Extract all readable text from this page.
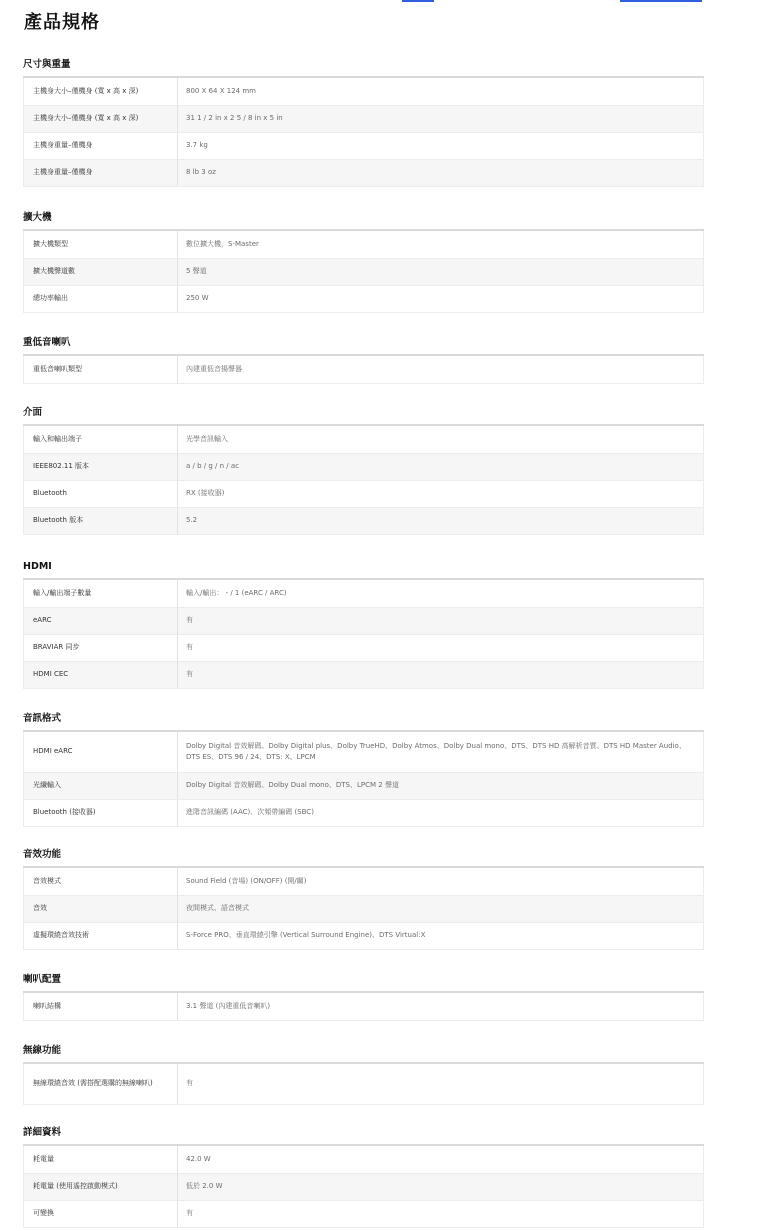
產品規格
尺寸與重量
主機身大小–僅機身 (寬 x 高 x 深)	800 X 64 X 124 mm
主機身大小–僅機身 (寬 x 高 x 深)	31 1 / 2 in x 2 5 / 8 in x 5 in
主機身重量–僅機身	3.7 kg
主機身重量–僅機身	8 lb 3 oz
擴大機
擴大機類型	數位擴大機，S-Master
擴大機聲道數	5 聲道
總功率輸出	250 W
重低音喇叭
重低音喇叭類型	內建重低音揚聲器
介面
輸入和輸出端子	光學音訊輸入
IEEE802.11 版本	a / b / g / n / ac
Bluetooth	RX (接收器)
Bluetooth 版本	5.2
HDMI
輸入/輸出端子數量	輸入/輸出： - / 1 (eARC / ARC)
eARC	有
BRAVIAR 同步	有
HDMI CEC	有
音訊格式
HDMI eARC	Dolby Digital 音效解碼、Dolby Digital plus、Dolby TrueHD、Dolby Atmos、Dolby Dual mono、DTS、DTS HD 高解析音質、DTS HD Master Audio、DTS ES、DTS 96 / 24、DTS: X、LPCM
光纖輸入	Dolby Digital 音效解碼、Dolby Dual mono、DTS、LPCM 2 聲道
Bluetooth (接收器)	進階音訊編碼 (AAC)、次頻帶編碼 (SBC)
音效功能
音效模式	Sound Field (音場) (ON/OFF) (開/關)
音效	夜間模式、語音模式
虛擬環繞音效技術	S-Force PRO、垂直環繞引擎 (Vertical Surround Engine)、DTS Virtual:X
喇叭配置
喇叭結構	3.1 聲道 (內建重低音喇叭)
無線功能
無線環繞音效 (需搭配選購的無線喇叭)	有
詳細資料
耗電量	42.0 W
耗電量 (使用遙控啟動模式)	低於 2.0 W
可變換	有
